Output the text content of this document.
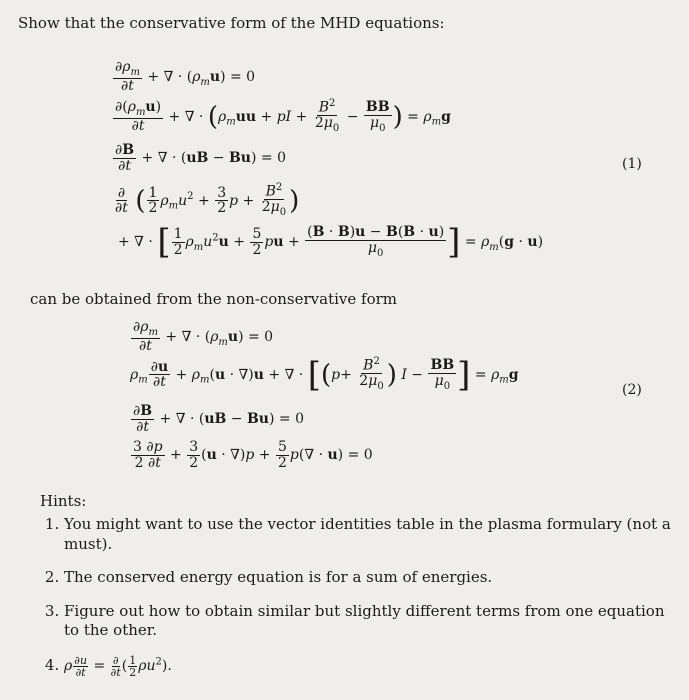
Show that the conservative form of the MHD equations:
$\frac{\partial\rho_m}{\partial t}$ + ∇ · $(\rho_mu) = 0$
$\frac{\partial(\rho_mu)}{\partial t}$ + ∇ · ($\rho_muu$ + pI + $\frac{B^2}{2\mu_0} - \frac{BB}{\mu_0}$ ) = $\rho_mg$
$\frac{\partial B}{\partial t}$ + ∇ · (uB − Bu) = 0	(1)
$\frac{\partial}{\partial t}$ ( $\frac{1}{2} \rho_mu^2 + \frac{3}{2}$ $p + \frac{B^2}{2\mu_0}$ )
+ ∇ · [ $\frac{1}{2} \rho_mu^2u + \frac{5}{2}$ pu + $\frac{(B \cdot B)u - B(B \cdot u)}{\mu_0}$ ] = $\rho_m(g \cdot u)$
can be obtained from the non-conservative form
$\frac{\partial\rho_m}{\partial t}$ + ∇ · $(\rho_mu) = 0$
$\rho_m \frac{\partial u}{\partial t} + \rho_m(u \cdot \nabla)u$ + ∇ · [($p+ \frac{B^2}{2\mu_0}$ ) $I - \frac{BB}{\mu_0}$ ] = $\rho_mg$
(2)
$\frac{\partial B}{\partial t}$ + ∇ · (uB − Bu) = 0
$\frac{3 \partial p}{2 \partial t} + \frac{3}{2} (u \cdot \nabla)p + \frac{5}{2} p(\nabla \cdot u) = 0$
Hints:
1. You might want to use the vector identities table in the plasma formulary (not a must).
2. The conserved energy equation is for a sum of energies.
3. Figure out how to obtain similar but slightly different terms from one equation to the other.
4. ρ $\frac{\partial u}{\partial t} = \frac{\partial}{\partial t}$ ( $\frac{1}{2} \rho u^2$).
